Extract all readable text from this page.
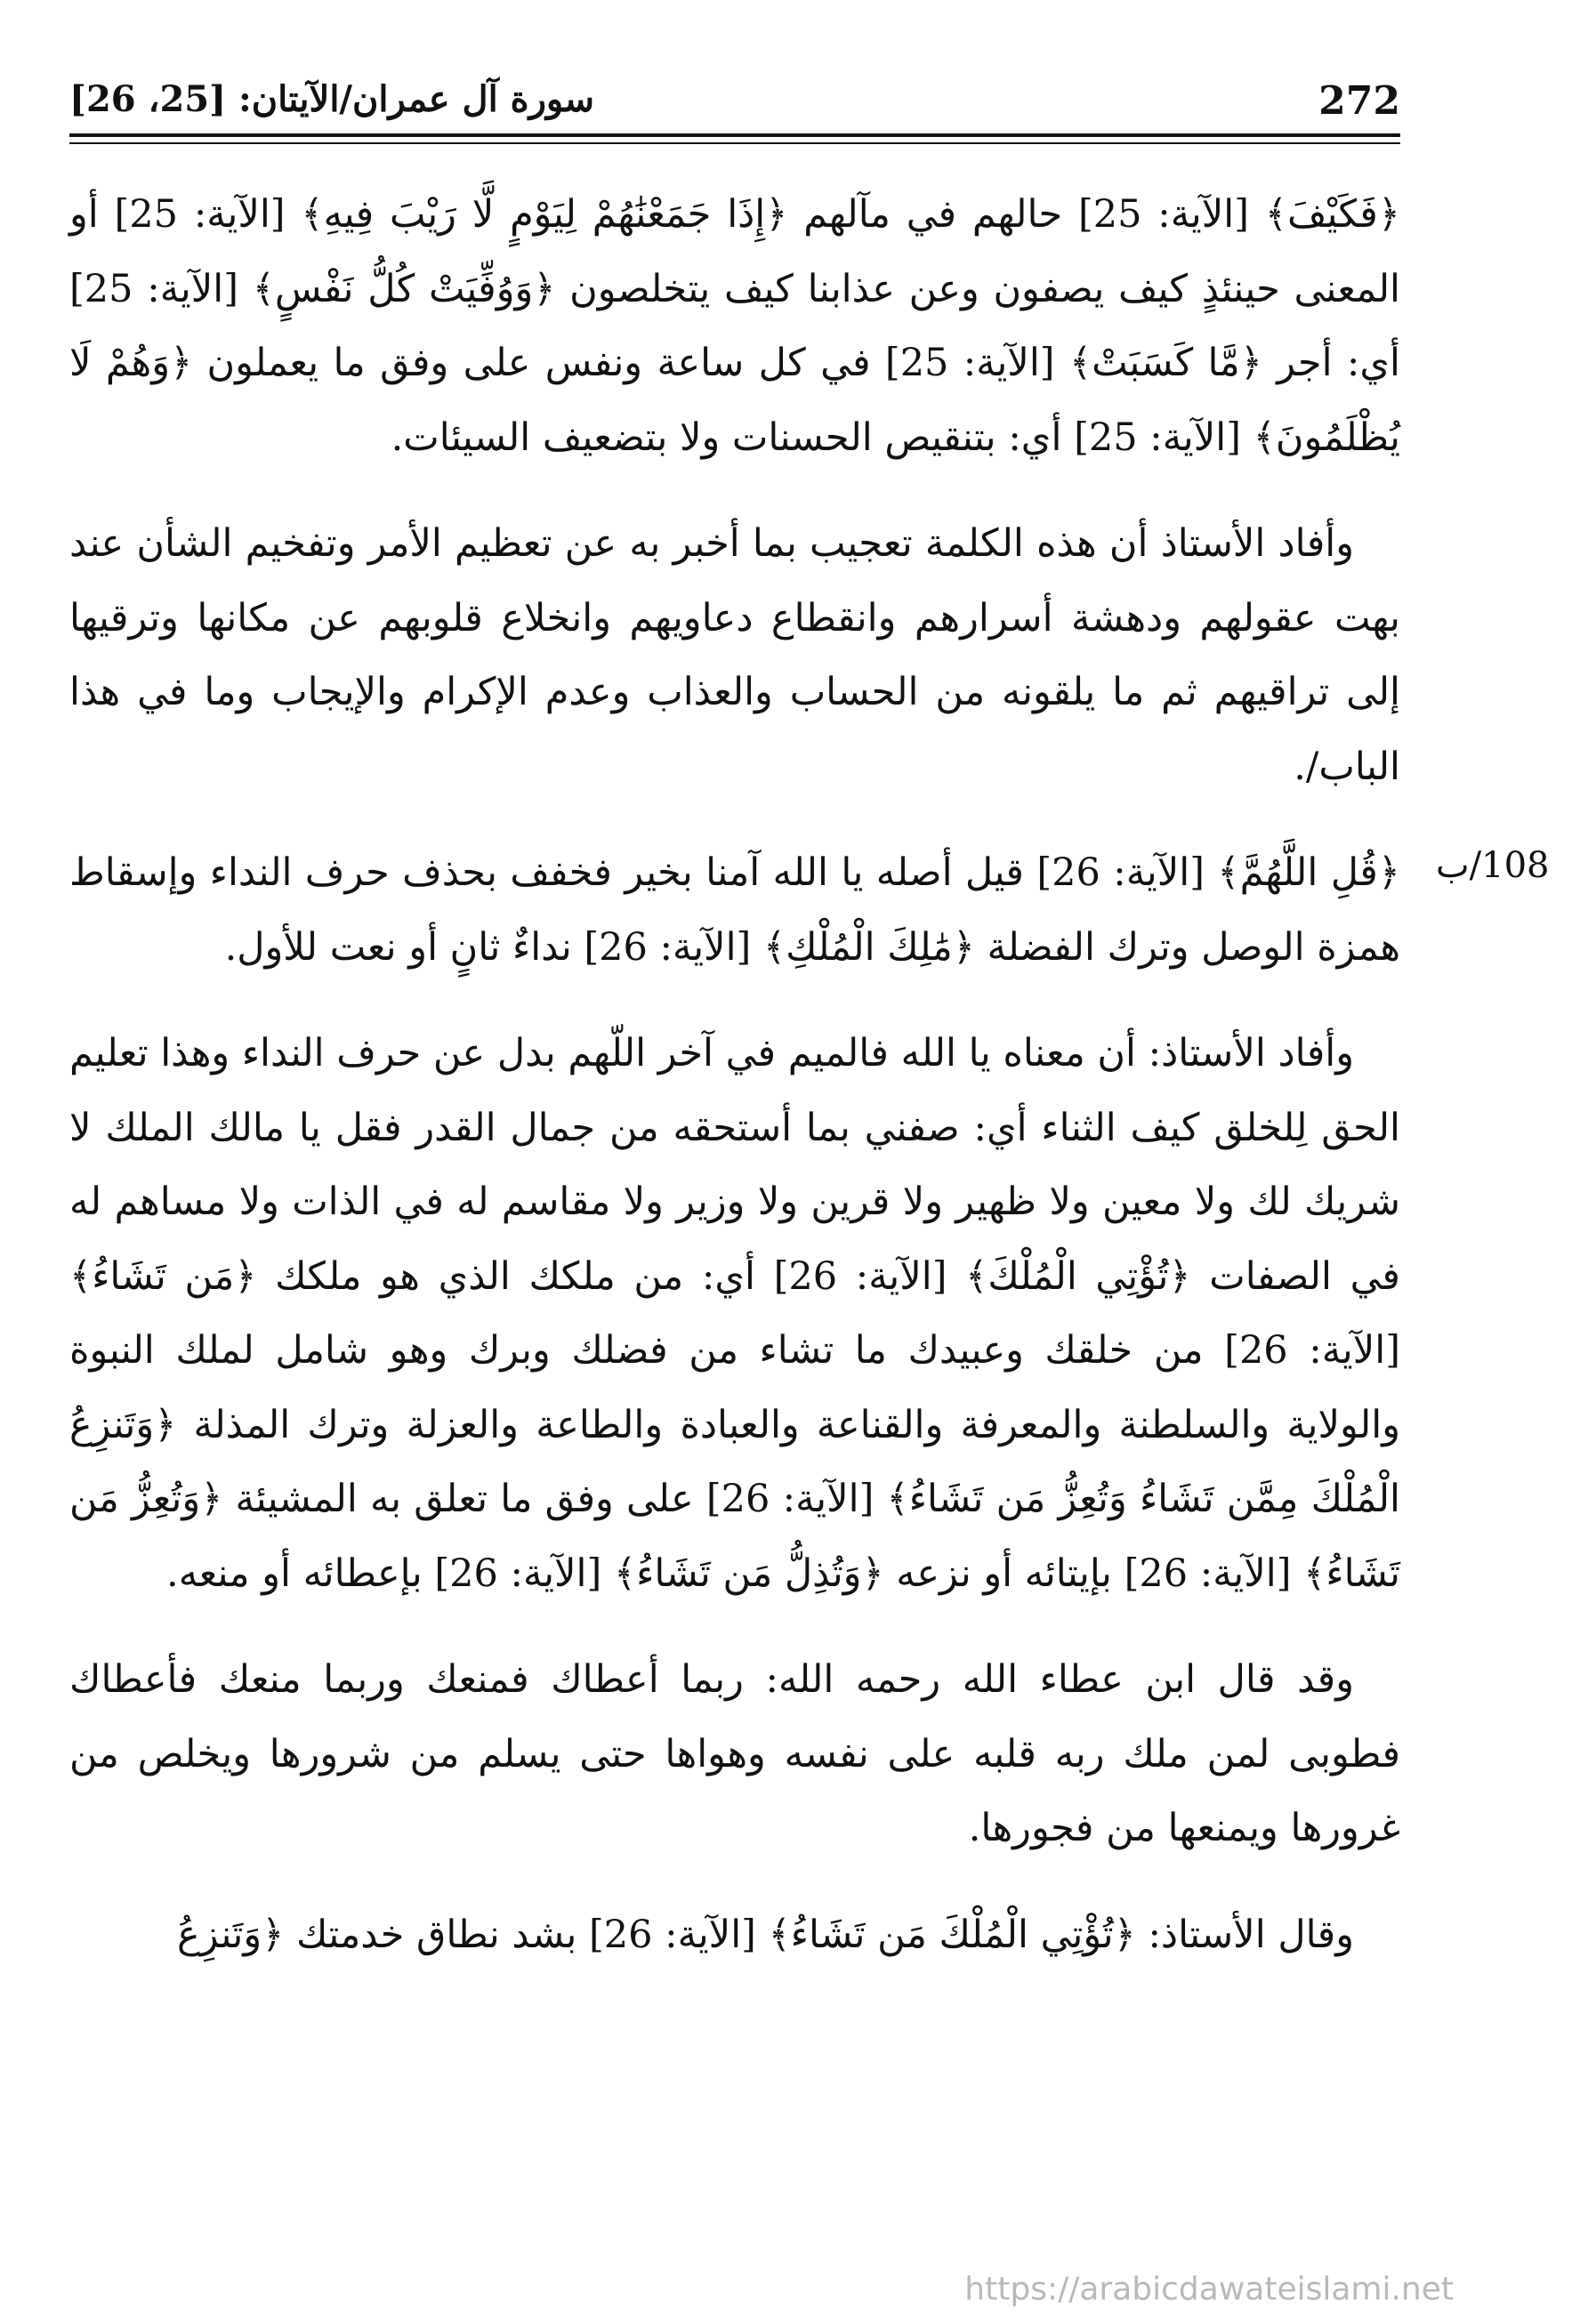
272
سورة آل عمران/الآيتان: [25، 26]
108/ب

﴿فَكَيْفَ﴾ [الآية: 25] حالهم في مآلهم ﴿إِذَا جَمَعْنَٰهُمْ لِيَوْمٍ لَّا رَيْبَ فِيهِ﴾ [الآية: 25] أو المعنى حينئذٍ كيف يصفون وعن عذابنا كيف يتخلصون ﴿وَوُفِّيَتْ كُلُّ نَفْسٍ﴾ [الآية: 25] أي: أجر ﴿مَّا كَسَبَتْ﴾ [الآية: 25] في كل ساعة ونفس على وفق ما يعملون ﴿وَهُمْ لَا يُظْلَمُونَ﴾ [الآية: 25] أي: بتنقيص الحسنات ولا بتضعيف السيئات.

وأفاد الأستاذ أن هذه الكلمة تعجيب بما أخبر به عن تعظيم الأمر وتفخيم الشأن عند بهت عقولهم ودهشة أسرارهم وانقطاع دعاويهم وانخلاع قلوبهم عن مكانها وترقيها إلى تراقيهم ثم ما يلقونه من الحساب والعذاب وعدم الإكرام والإيجاب وما في هذا الباب/.

﴿قُلِ اللَّهُمَّ﴾ [الآية: 26] قيل أصله يا الله آمنا بخير فخفف بحذف حرف النداء وإسقاط همزة الوصل وترك الفضلة ﴿مَٰلِكَ الْمُلْكِ﴾ [الآية: 26] نداءٌ ثانٍ أو نعت للأول.

وأفاد الأستاذ: أن معناه يا الله فالميم في آخر اللّهم بدل عن حرف النداء وهذا تعليم الحق لِلخلق كيف الثناء أي: صفني بما أستحقه من جمال القدر فقل يا مالك الملك لا شريك لك ولا معين ولا ظهير ولا قرين ولا وزير ولا مقاسم له في الذات ولا مساهم له في الصفات ﴿تُؤْتِي الْمُلْكَ﴾ [الآية: 26] أي: من ملكك الذي هو ملكك ﴿مَن تَشَاءُ﴾ [الآية: 26] من خلقك وعبيدك ما تشاء من فضلك وبرك وهو شامل لملك النبوة والولاية والسلطنة والمعرفة والقناعة والعبادة والطاعة والعزلة وترك المذلة ﴿وَتَنزِعُ الْمُلْكَ مِمَّن تَشَاءُ وَتُعِزُّ مَن تَشَاءُ﴾ [الآية: 26] على وفق ما تعلق به المشيئة ﴿وَتُعِزُّ مَن تَشَاءُ﴾ [الآية: 26] بإيتائه أو نزعه ﴿وَتُذِلُّ مَن تَشَاءُ﴾ [الآية: 26] بإعطائه أو منعه.

وقد قال ابن عطاء الله رحمه الله: ربما أعطاك فمنعك وربما منعك فأعطاك فطوبى لمن ملك ربه قلبه على نفسه وهواها حتى يسلم من شرورها ويخلص من غرورها ويمنعها من فجورها.

وقال الأستاذ: ﴿تُؤْتِي الْمُلْكَ مَن تَشَاءُ﴾ [الآية: 26] بشد نطاق خدمتك ﴿وَتَنزِعُ

https://arabicdawateislami.net
